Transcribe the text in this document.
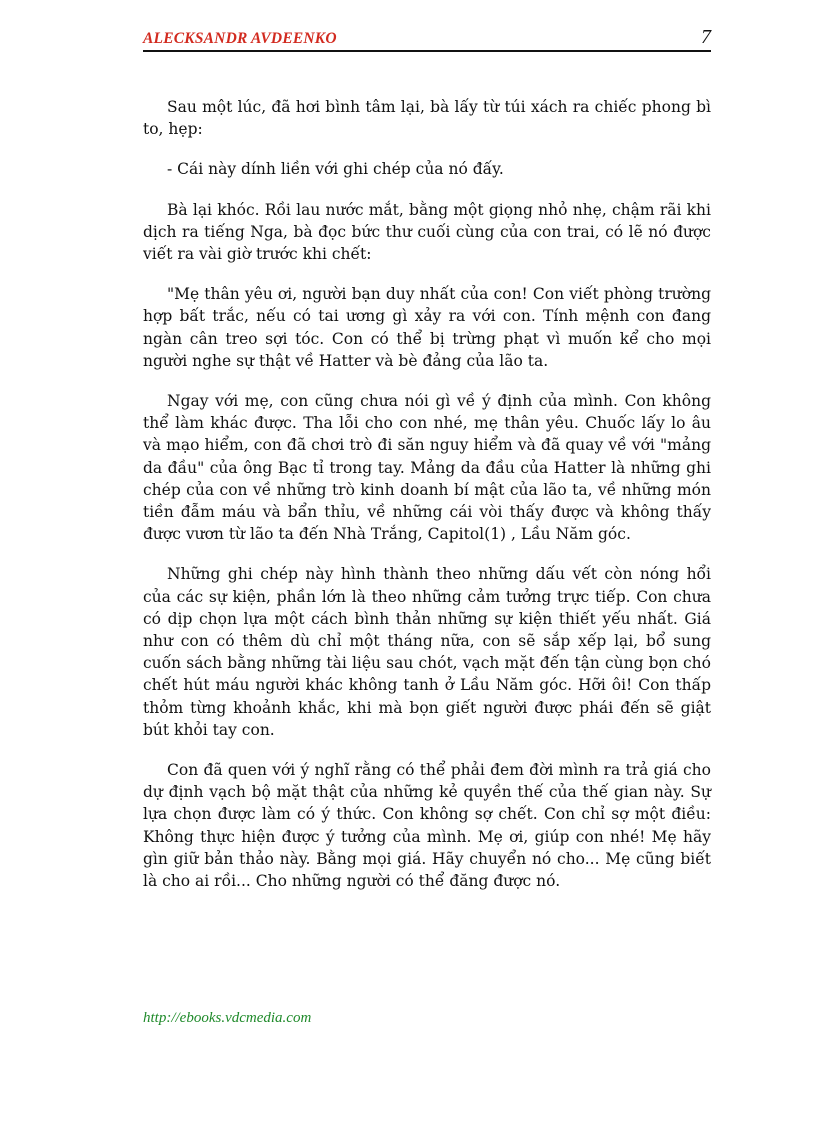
ALECKSANDR AVDEENKO	7

Sau một lúc, đã hơi bình tâm lại, bà lấy từ túi xách ra chiếc phong bì to, hẹp:

- Cái này dính liền với ghi chép của nó đấy.

Bà lại khóc. Rồi lau nước mắt, bằng một giọng nhỏ nhẹ, chậm rãi khi dịch ra tiếng Nga, bà đọc bức thư cuối cùng của con trai, có lẽ nó được viết ra vài giờ trước khi chết:

"Mẹ thân yêu ơi, người bạn duy nhất của con! Con viết phòng trường hợp bất trắc, nếu có tai ương gì xảy ra với con. Tính mệnh con đang ngàn cân treo sợi tóc. Con có thể bị trừng phạt vì muốn kể cho mọi người nghe sự thật về Hatter và bè đảng của lão ta.

Ngay với mẹ, con cũng chưa nói gì về ý định của mình. Con không thể làm khác được. Tha lỗi cho con nhé, mẹ thân yêu. Chuốc lấy lo âu và mạo hiểm, con đã chơi trò đi săn nguy hiểm và đã quay về với "mảng da đầu" của ông Bạc tỉ trong tay. Mảng da đầu của Hatter là những ghi chép của con về những trò kinh doanh bí mật của lão ta, về những món tiền đẫm máu và bẩn thỉu, về những cái vòi thấy được và không thấy được vươn từ lão ta đến Nhà Trắng, Capitol(1) , Lầu Năm góc.

Những ghi chép này hình thành theo những dấu vết còn nóng hổi của các sự kiện, phần lớn là theo những cảm tưởng trực tiếp. Con chưa có dịp chọn lựa một cách bình thản những sự kiện thiết yếu nhất. Giá như con có thêm dù chỉ một tháng nữa, con sẽ sắp xếp lại, bổ sung cuốn sách bằng những tài liệu sau chót, vạch mặt đến tận cùng bọn chó chết hút máu người khác không tanh ở Lầu Năm góc. Hỡi ôi! Con thấp thỏm từng khoảnh khắc, khi mà bọn giết người được phái đến sẽ giật bút khỏi tay con.

Con đã quen với ý nghĩ rằng có thể phải đem đời mình ra trả giá cho dự định vạch bộ mặt thật của những kẻ quyền thế của thế gian này. Sự lựa chọn được làm có ý thức. Con không sợ chết. Con chỉ sợ một điều: Không thực hiện được ý tưởng của mình. Mẹ ơi, giúp con nhé! Mẹ hãy gìn giữ bản thảo này. Bằng mọi giá. Hãy chuyển nó cho... Mẹ cũng biết là cho ai rồi... Cho những người có thể đăng được nó.

http://ebooks.vdcmedia.com
